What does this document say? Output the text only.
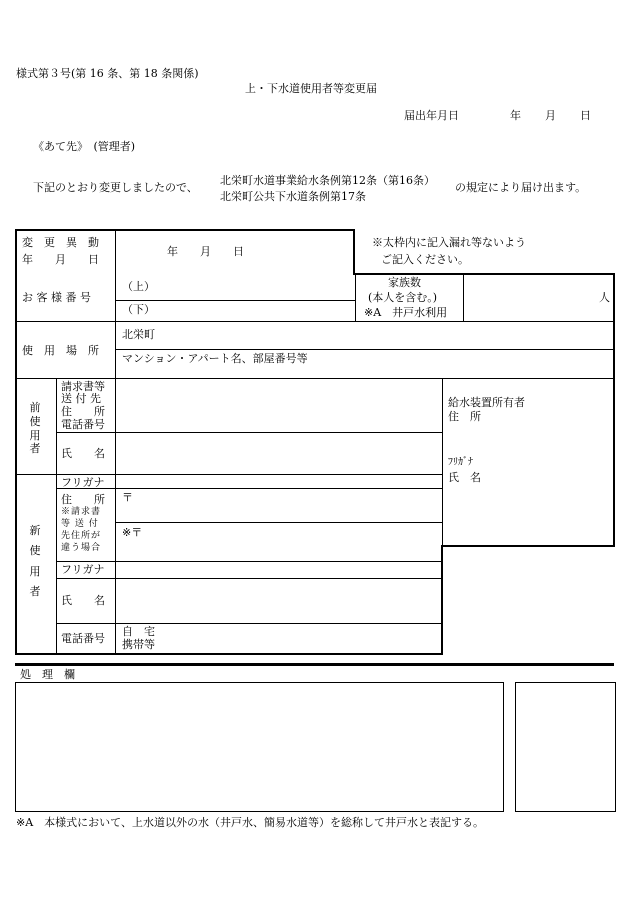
様式第３号(第 16 条、第 18 条関係)
上・下水道使用者等変更届
届出年月日	年 月 日
《あて先》　(管理者)
下記のとおり変更しましたので、
北栄町水道事業給水条例第12条（第16条）
北栄町公共下水道条例第17条
の規定により届け出ます。
変　更　異　動
年　　月　　日
年　　月　　日
※太枠内に記入漏れ等ないよう
ご記入ください。
お 客 様 番 号
（上）
（下）
家族数
(本人を含む。)
※A　井戸水利用
人
使　用　場　所
北栄町
マンション・アパート名、部屋番号等
前使用者
請求書等
送 付 先
住　　所
電話番号
氏　　名
給水装置所有者
住　所
ﾌﾘｶﾞﾅ
氏　名
新使用者
フリガナ
住　　所
※請求書
等 送 付
先住所が
違う場合
〒
※〒
フリガナ
氏　　名
電話番号
自　宅
携帯等
処　理　欄
※A　本様式において、上水道以外の水（井戸水、簡易水道等）を総称して井戸水と表記する。
